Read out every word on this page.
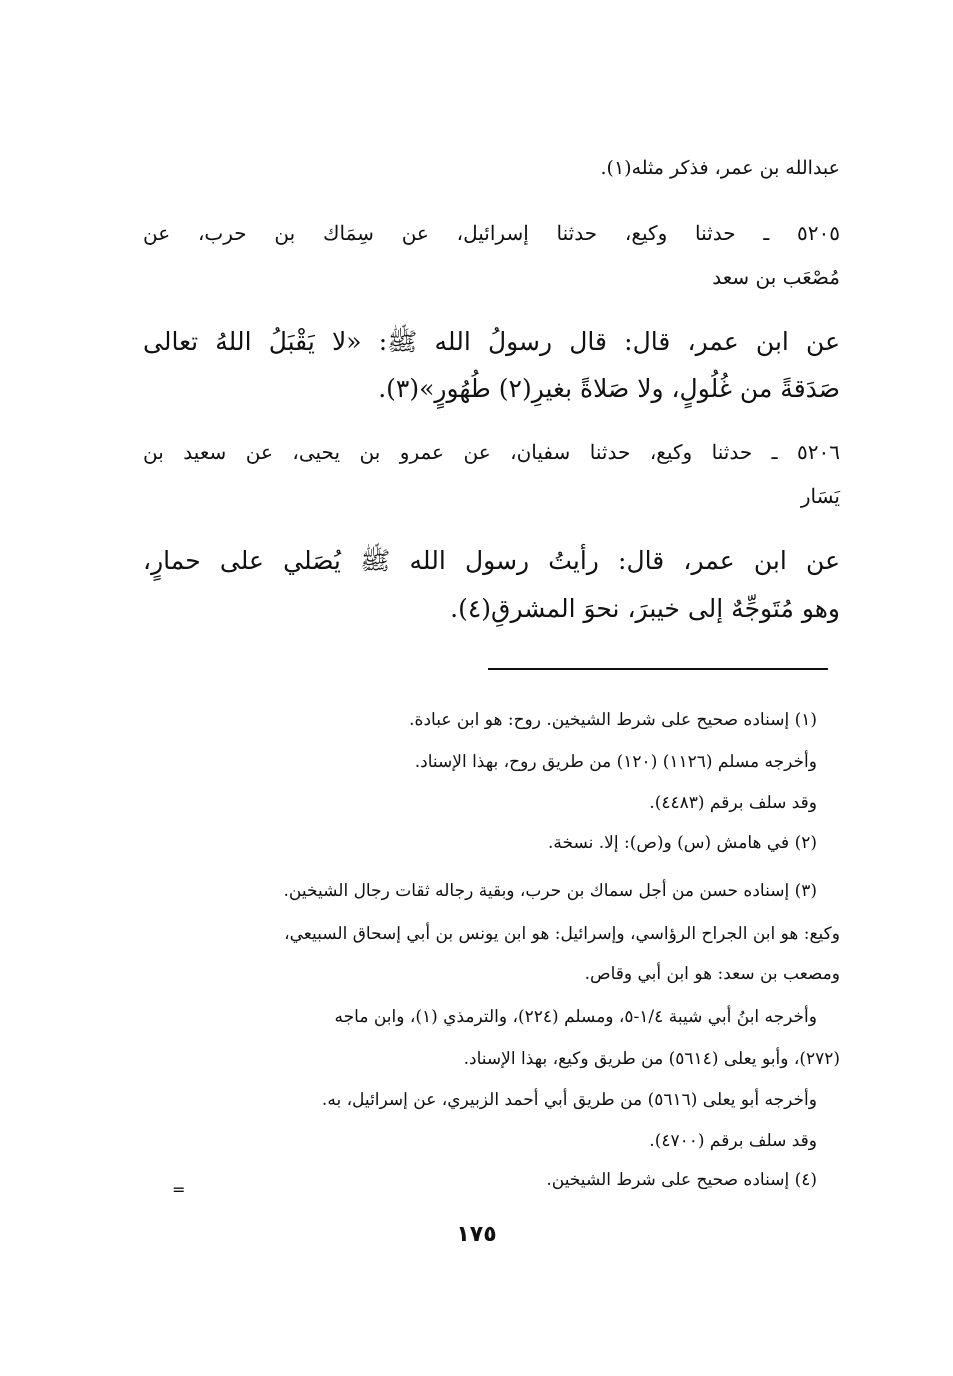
عبدالله بن عمر، فذكر مثله(١).
٥٢٠٥ ـ حدثنا وكيع، حدثنا إسرائيل، عن سِمَاك بن حرب، عن
مُصْعَب بن سعد
عن ابن عمر، قال: قال رسولُ الله ﷺ: «لا يَقْبَلُ اللهُ تعالى
صَدَقةً من غُلُولٍ، ولا صَلاةً بغيرِ(٢) طُهُورٍ»(٣).
٥٢٠٦ ـ حدثنا وكيع، حدثنا سفيان، عن عمرو بن يحيى، عن سعيد بن
يَسَار
عن ابن عمر، قال: رأيتُ رسول الله ﷺ يُصَلي على حمارٍ،
وهو مُتَوجِّهٌ إلى خيبرَ، نحوَ المشرقِ(٤).
(١) إسناده صحيح على شرط الشيخين. روح: هو ابن عبادة.
وأخرجه مسلم (١١٢٦) (١٢٠) من طريق روح، بهذا الإسناد.
وقد سلف برقم (٤٤٨٣).
(٢) في هامش (س) و(ص): إلا. نسخة.
(٣) إسناده حسن من أجل سماك بن حرب، وبقية رجاله ثقات رجال الشيخين.
وكيع: هو ابن الجراح الرؤاسي، وإسرائيل: هو ابن يونس بن أبي إسحاق السبيعي،
ومصعب بن سعد: هو ابن أبي وقاص.
وأخرجه ابنُ أبي شيبة ١/٤-٥، ومسلم (٢٢٤)، والترمذي (١)، وابن ماجه
(٢٧٢)، وأبو يعلى (٥٦١٤) من طريق وكيع، بهذا الإسناد.
وأخرجه أبو يعلى (٥٦١٦) من طريق أبي أحمد الزبيري، عن إسرائيل، به.
وقد سلف برقم (٤٧٠٠).
(٤) إسناده صحيح على شرط الشيخين.
=
١٧٥
